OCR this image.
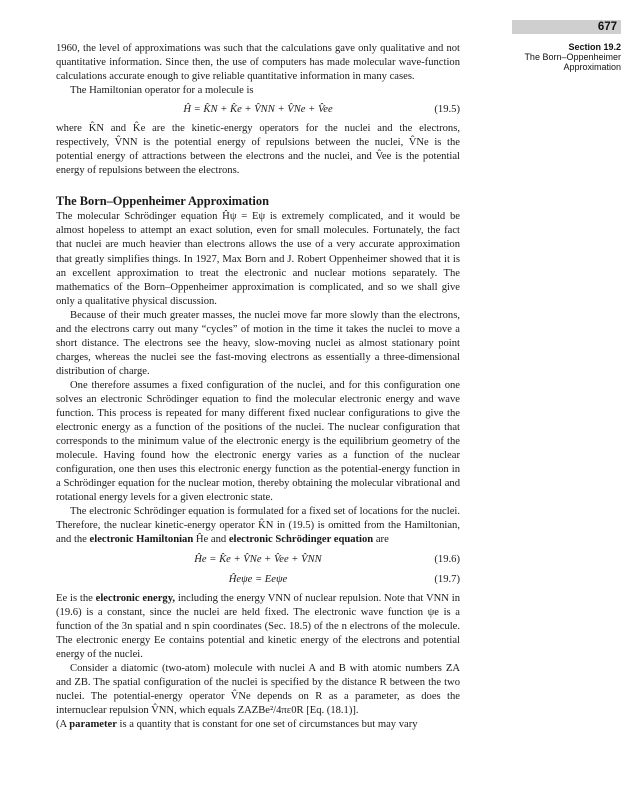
677
Section 19.2
The Born–Oppenheimer
Approximation

1960, the level of approximations was such that the calculations gave only qualitative and not quantitative information. Since then, the use of computers has made molecular wave-function calculations accurate enough to give reliable quantitative information in many cases.

The Hamiltonian operator for a molecule is

Ĥ = K̂N + K̂e + V̂NN + V̂Ne + V̂ee	(19.5)

where K̂N and K̂e are the kinetic-energy operators for the nuclei and the electrons, respectively, V̂NN is the potential energy of repulsions between the nuclei, V̂Ne is the potential energy of attractions between the electrons and the nuclei, and V̂ee is the potential energy of repulsions between the electrons.

The Born–Oppenheimer Approximation

The molecular Schrödinger equation Ĥψ = Eψ is extremely complicated, and it would be almost hopeless to attempt an exact solution, even for small molecules. Fortunately, the fact that nuclei are much heavier than electrons allows the use of a very accurate approximation that greatly simplifies things. In 1927, Max Born and J. Robert Oppenheimer showed that it is an excellent approximation to treat the electronic and nuclear motions separately. The mathematics of the Born–Oppenheimer approximation is complicated, and so we shall give only a qualitative physical discussion.

Because of their much greater masses, the nuclei move far more slowly than the electrons, and the electrons carry out many “cycles” of motion in the time it takes the nuclei to move a short distance. The electrons see the heavy, slow-moving nuclei as almost stationary point charges, whereas the nuclei see the fast-moving electrons as essentially a three-dimensional distribution of charge.

One therefore assumes a fixed configuration of the nuclei, and for this configuration one solves an electronic Schrödinger equation to find the molecular electronic energy and wave function. This process is repeated for many different fixed nuclear configurations to give the electronic energy as a function of the positions of the nuclei. The nuclear configuration that corresponds to the minimum value of the electronic energy is the equilibrium geometry of the molecule. Having found how the electronic energy varies as a function of the nuclear configuration, one then uses this electronic energy function as the potential-energy function in a Schrödinger equation for the nuclear motion, thereby obtaining the molecular vibrational and rotational energy levels for a given electronic state.

The electronic Schrödinger equation is formulated for a fixed set of locations for the nuclei. Therefore, the nuclear kinetic-energy operator K̂N in (19.5) is omitted from the Hamiltonian, and the electronic Hamiltonian Ĥe and electronic Schrödinger equation are

Ĥe = K̂e + V̂Ne + V̂ee + V̂NN	(19.6)
Ĥeψe = Eeψe	(19.7)

Ee is the electronic energy, including the energy VNN of nuclear repulsion. Note that VNN in (19.6) is a constant, since the nuclei are held fixed. The electronic wave function ψe is a function of the 3n spatial and n spin coordinates (Sec. 18.5) of the n electrons of the molecule. The electronic energy Ee contains potential and kinetic energy of the electrons and potential energy of the nuclei.

Consider a diatomic (two-atom) molecule with nuclei A and B with atomic numbers ZA and ZB. The spatial configuration of the nuclei is specified by the distance R between the two nuclei. The potential-energy operator V̂Ne depends on R as a parameter, as does the internuclear repulsion V̂NN, which equals ZAZBe²/4πε0R [Eq. (18.1)].

(A parameter is a quantity that is constant for one set of circumstances but may vary
